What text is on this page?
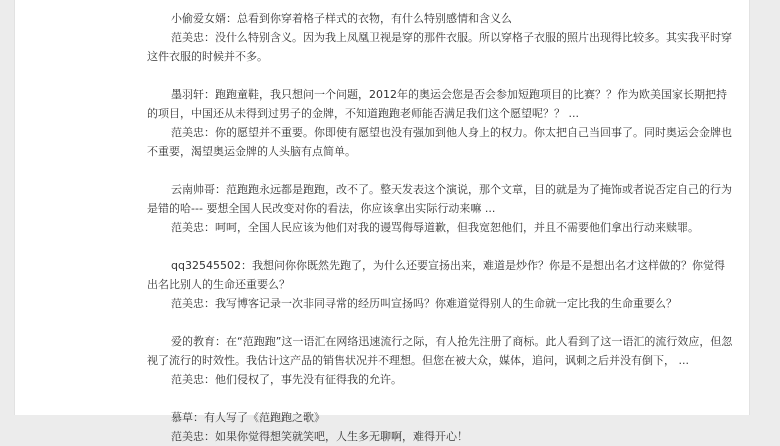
小偷爱女婿：总看到你穿着格子样式的衣物，有什么特别感情和含义么

范美忠：没什么特别含义。因为我上凤凰卫视是穿的那件衣服。所以穿格子衣服的照片出现得比较多。其实我平时穿这件衣服的时候并不多。

墨羽轩：跑跑童鞋，我只想问一个问题，2012年的奥运会您是否会参加短跑项目的比赛？？作为欧美国家长期把持的项目，中国还从未得到过男子的金牌，不知道跑跑老师能否满足我们这个愿望呢？？ ...

范美忠：你的愿望并不重要。你即使有愿望也没有强加到他人身上的权力。你太把自己当回事了。同时奥运会金牌也不重要，渴望奥运金牌的人头脑有点简单。

云南帅哥：范跑跑永远都是跑跑，改不了。整天发表这个演说，那个文章，目的就是为了掩饰或者说否定自己的行为是错的哈--- 要想全国人民改变对你的看法，你应该拿出实际行动来嘛 ...

范美忠：呵呵，全国人民应该为他们对我的谩骂侮辱道歉，但我宽恕他们，并且不需要他们拿出行动来赎罪。

qq32545502：我想问你你既然先跑了，为什么还要宣扬出来，难道是炒作？你是不是想出名才这样做的？你觉得出名比别人的生命还重要么？

范美忠：我写博客记录一次非同寻常的经历叫宣扬吗？你难道觉得别人的生命就一定比我的生命重要么？

爱的教育：在“范跑跑”这一语汇在网络迅速流行之际，有人抢先注册了商标。此人看到了这一语汇的流行效应，但忽视了流行的时效性。我估计这产品的销售状况并不理想。但您在被大众，媒体，追问，讽刺之后并没有倒下， ...

范美忠：他们侵权了，事先没有征得我的允许。

慕草：有人写了《范跑跑之歌》

范美忠：如果你觉得想笑就笑吧，人生多无聊啊，难得开心！
